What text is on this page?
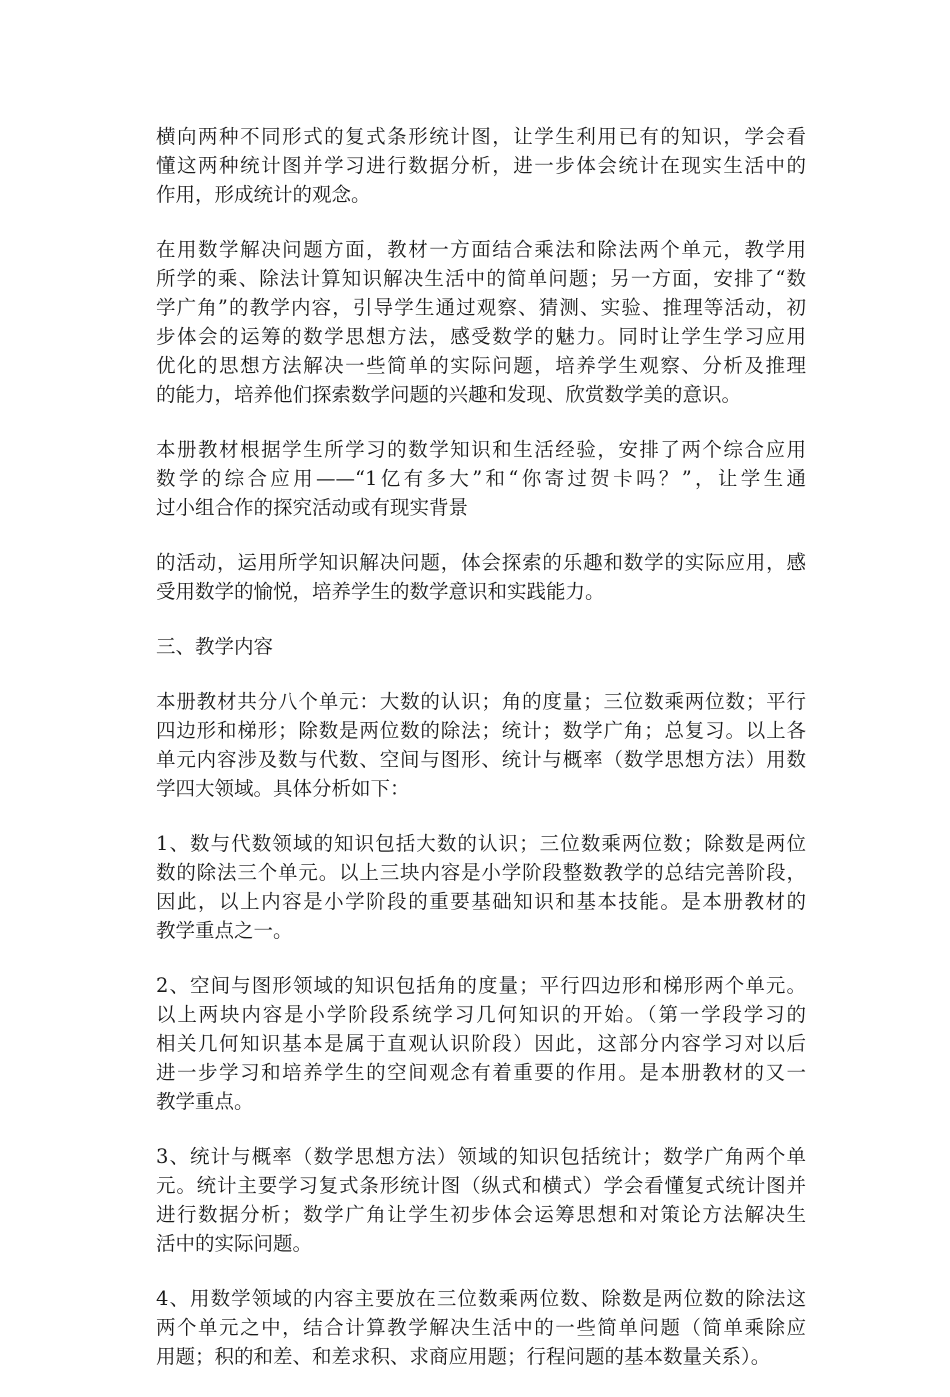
横向两种不同形式的复式条形统计图，让学生利用已有的知识，学会看
懂这两种统计图并学习进行数据分析，进一步体会统计在现实生活中的
作用，形成统计的观念。
在用数学解决问题方面，教材一方面结合乘法和除法两个单元，教学用
所学的乘、除法计算知识解决生活中的简单问题；另一方面，安排了“数
学广角”的教学内容，引导学生通过观察、猜测、实验、推理等活动，初
步体会的运筹的数学思想方法，感受数学的魅力。同时让学生学习应用
优化的思想方法解决一些简单的实际问题，培养学生观察、分析及推理
的能力，培养他们探索数学问题的兴趣和发现、欣赏数学美的意识。
本册教材根据学生所学习的数学知识和生活经验，安排了两个综合应用
数学的综合应用——“1亿有多大”和“你寄过贺卡吗？”，让学生通
过小组合作的探究活动或有现实背景
的活动，运用所学知识解决问题，体会探索的乐趣和数学的实际应用，感
受用数学的愉悦，培养学生的数学意识和实践能力。
三、教学内容
本册教材共分八个单元：大数的认识；角的度量；三位数乘两位数；平行
四边形和梯形；除数是两位数的除法；统计；数学广角；总复习。以上各
单元内容涉及数与代数、空间与图形、统计与概率（数学思想方法）用数
学四大领域。具体分析如下：
1、数与代数领域的知识包括大数的认识；三位数乘两位数；除数是两位
数的除法三个单元。以上三块内容是小学阶段整数教学的总结完善阶段，
因此，以上内容是小学阶段的重要基础知识和基本技能。是本册教材的
教学重点之一。
2、空间与图形领域的知识包括角的度量；平行四边形和梯形两个单元。
以上两块内容是小学阶段系统学习几何知识的开始。（第一学段学习的
相关几何知识基本是属于直观认识阶段）因此，这部分内容学习对以后
进一步学习和培养学生的空间观念有着重要的作用。是本册教材的又一
教学重点。
3、统计与概率（数学思想方法）领域的知识包括统计；数学广角两个单
元。统计主要学习复式条形统计图（纵式和横式）学会看懂复式统计图并
进行数据分析；数学广角让学生初步体会运筹思想和对策论方法解决生
活中的实际问题。
4、用数学领域的内容主要放在三位数乘两位数、除数是两位数的除法这
两个单元之中，结合计算教学解决生活中的一些简单问题（简单乘除应
用题；积的和差、和差求积、求商应用题；行程问题的基本数量关系）。
